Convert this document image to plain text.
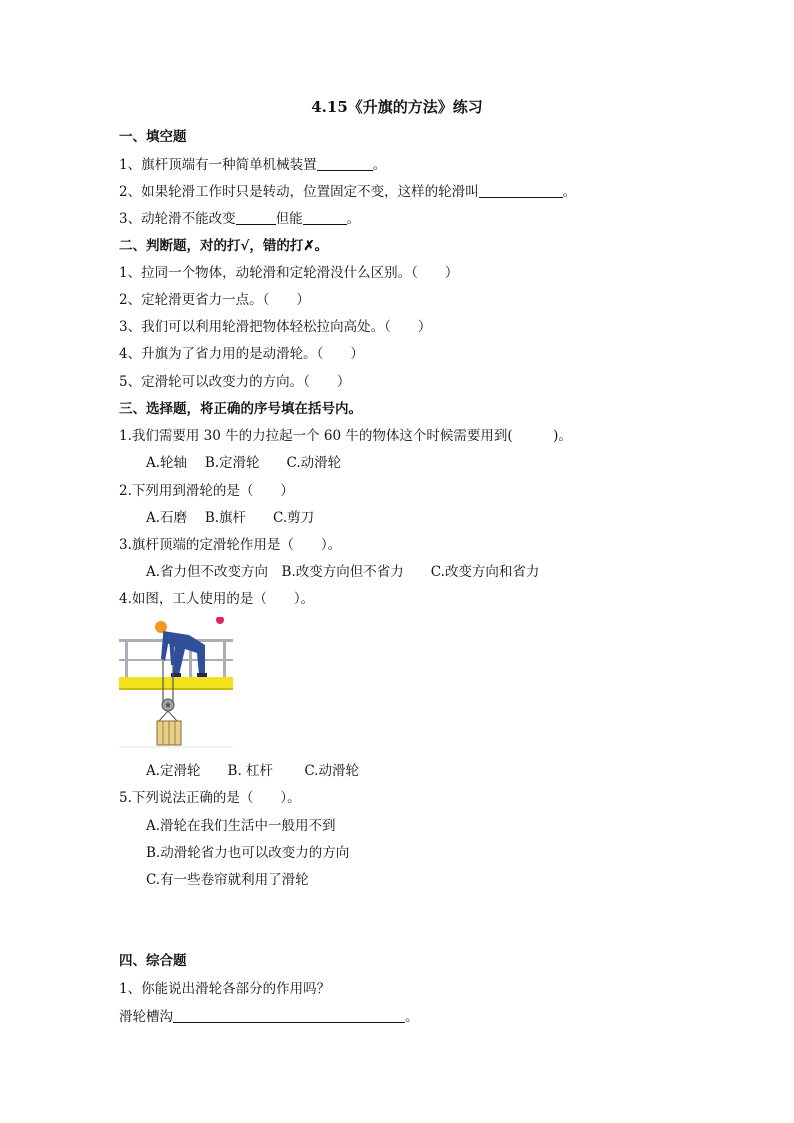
4.15《升旗的方法》练习
一、填空题
1、旗杆顶端有一种简单机械装置	。
2、如果轮滑工作时只是转动，位置固定不变，这样的轮滑叫	。
3、动轮滑不能改变	但能	。
二、判断题，对的打√，错的打✗。
1、拉同一个物体，动轮滑和定轮滑没什么区别。（　　）
2、定轮滑更省力一点。（　　）
3、我们可以利用轮滑把物体轻松拉向高处。（　　）
4、升旗为了省力用的是动滑轮。（　　）
5、定滑轮可以改变力的方向。（　　）
三、选择题，将正确的序号填在括号内。
1.我们需要用 30 牛的力拉起一个 60 牛的物体这个时候需要用到(　　　)。
A.轮轴　 B.定滑轮　　C.动滑轮
2.下列用到滑轮的是（　　）
A.石磨　 B.旗杆　　C.剪刀
3.旗杆顶端的定滑轮作用是（　　）。
A.省力但不改变方向　B.改变方向但不省力　　C.改变方向和省力
4.如图，工人使用的是（　　）。
A.定滑轮　　B. 杠杆　　 C.动滑轮
5.下列说法正确的是（　　）。
A.滑轮在我们生活中一般用不到
B.动滑轮省力也可以改变力的方向
C.有一些卷帘就利用了滑轮
四、综合题
1、你能说出滑轮各部分的作用吗？
滑轮槽沟	。
